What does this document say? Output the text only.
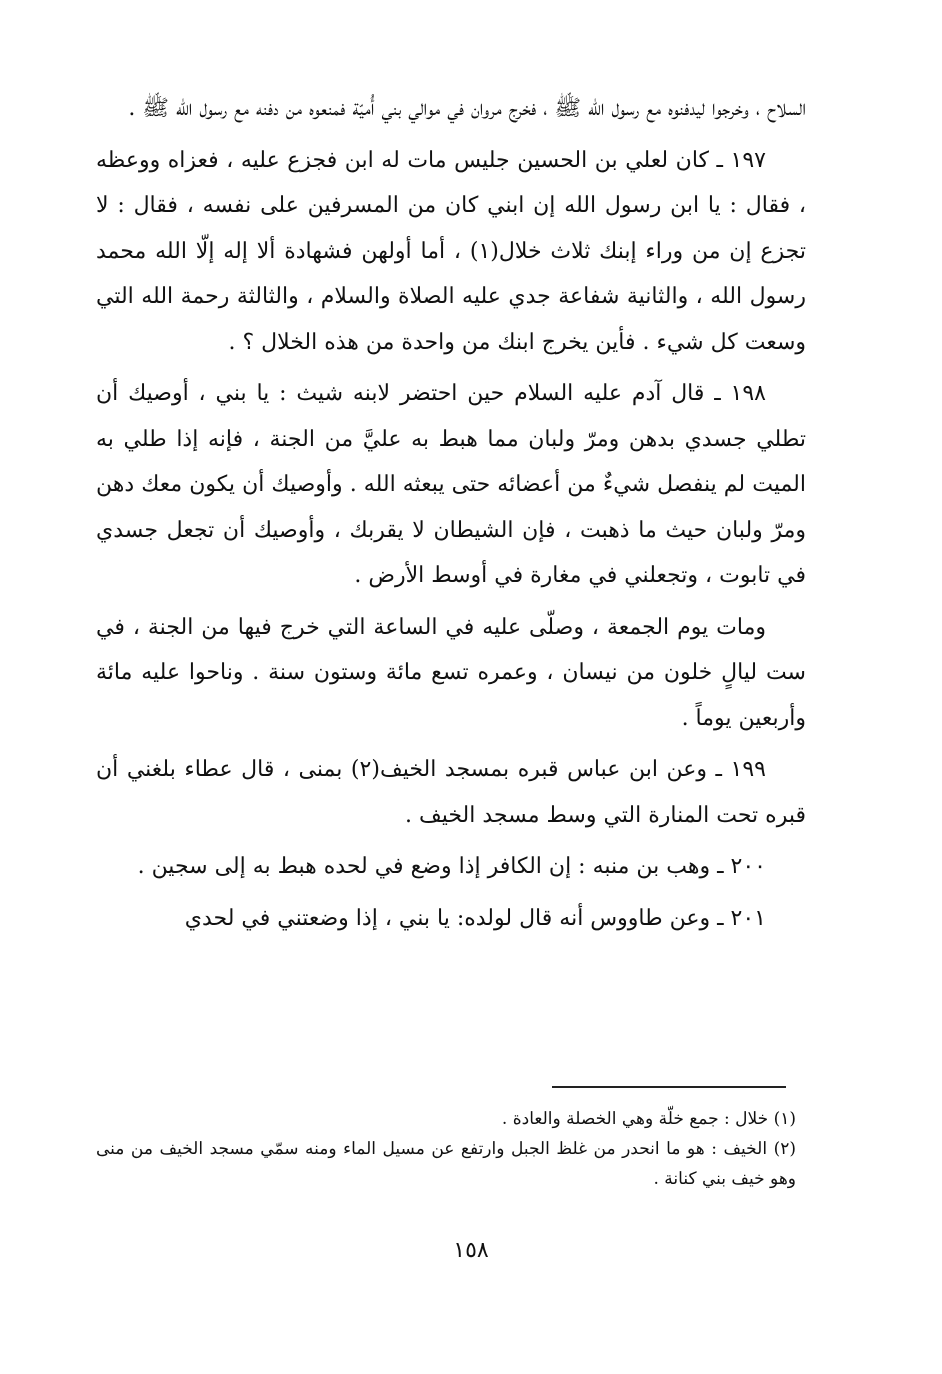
السلاح ، وخرجوا ليدفنوه مع رسول الله ﷺ ، فخرج مروان في موالي بني أُميّة فمنعوه من دفنه مع رسول الله ﷺ .

١٩٧ ـ كان لعلي بن الحسين جليس مات له ابن فجزع عليه ، فعزاه ووعظه ، فقال : يا ابن رسول الله إن ابني كان من المسرفين على نفسه ، فقال : لا تجزع إن من وراء إبنك ثلاث خلال(١) ، أما أولهن فشهادة ألا إله إلّا الله محمد رسول الله ، والثانية شفاعة جدي عليه الصلاة والسلام ، والثالثة رحمة الله التي وسعت كل شيء . فأين يخرج ابنك من واحدة من هذه الخلال ؟ .

١٩٨ ـ قال آدم عليه السلام حين احتضر لابنه شيث : يا بني ، أوصيك أن تطلي جسدي بدهن ومرّ ولبان مما هبط به عليَّ من الجنة ، فإنه إذا طلي به الميت لم ينفصل شيءٌ من أعضائه حتى يبعثه الله . وأوصيك أن يكون معك دهن ومرّ ولبان حيث ما ذهبت ، فإن الشيطان لا يقربك ، وأوصيك أن تجعل جسدي في تابوت ، وتجعلني في مغارة في أوسط الأرض .

ومات يوم الجمعة ، وصلّى عليه في الساعة التي خرج فيها من الجنة ، في ست ليالٍ خلون من نيسان ، وعمره تسع مائة وستون سنة . وناحوا عليه مائة وأربعين يوماً .

١٩٩ ـ وعن ابن عباس قبره بمسجد الخيف(٢) بمنى ، قال عطاء بلغني أن قبره تحت المنارة التي وسط مسجد الخيف .

٢٠٠ ـ وهب بن منبه : إن الكافر إذا وضع في لحده هبط به إلى سجين .

٢٠١ ـ وعن طاووس أنه قال لولده: يا بني ، إذا وضعتني في لحدي

(١) خلال : جمع خلّة وهي الخصلة والعادة .

(٢) الخيف : هو ما انحدر من غلظ الجبل وارتفع عن مسيل الماء ومنه سمّي مسجد الخيف من منى وهو خيف بني كنانة .

١٥٨
